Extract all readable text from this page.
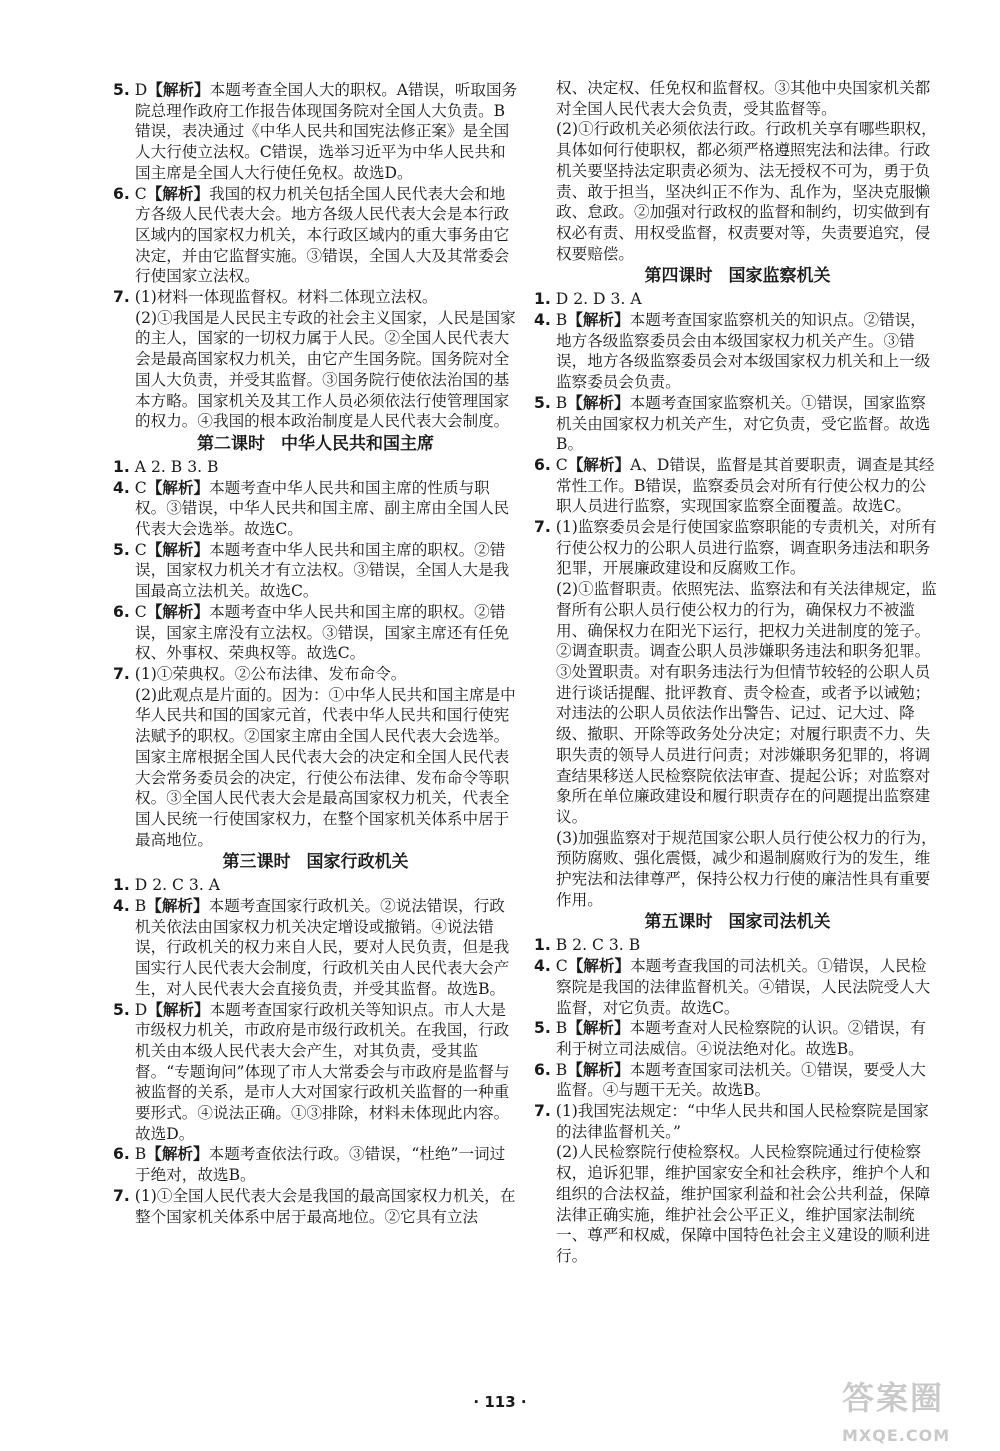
5. D【解析】本题考查全国人大的职权。A错误，听取国务院总理作政府工作报告体现国务院对全国人大负责。B错误，表决通过《中华人民共和国宪法修正案》是全国人大行使立法权。C错误，选举习近平为中华人民共和国主席是全国人大行使任免权。故选D。

6. C【解析】我国的权力机关包括全国人民代表大会和地方各级人民代表大会。地方各级人民代表大会是本行政区域内的国家权力机关，本行政区域内的重大事务由它决定，并由它监督实施。③错误，全国人大及其常委会行使国家立法权。

7. (1)材料一体现监督权。材料二体现立法权。

(2)①我国是人民民主专政的社会主义国家，人民是国家的主人，国家的一切权力属于人民。②全国人民代表大会是最高国家权力机关，由它产生国务院。国务院对全国人大负责，并受其监督。③国务院行使依法治国的基本方略。国家机关及其工作人员必须依法行使管理国家的权力。④我国的根本政治制度是人民代表大会制度。

第二课时 中华人民共和国主席

1. A 2. B 3. B

4. C【解析】本题考查中华人民共和国主席的性质与职权。③错误，中华人民共和国主席、副主席由全国人民代表大会选举。故选C。

5. C【解析】本题考查中华人民共和国主席的职权。②错误，国家权力机关才有立法权。③错误，全国人大是我国最高立法机关。故选C。

6. C【解析】本题考查中华人民共和国主席的职权。②错误，国家主席没有立法权。③错误，国家主席还有任免权、外事权、荣典权等。故选C。

7. (1)①荣典权。②公布法律、发布命令。

(2)此观点是片面的。因为：①中华人民共和国主席是中华人民共和国的国家元首，代表中华人民共和国行使宪法赋予的职权。②国家主席由全国人民代表大会选举。国家主席根据全国人民代表大会的决定和全国人民代表大会常务委员会的决定，行使公布法律、发布命令等职权。③全国人民代表大会是最高国家权力机关，代表全国人民统一行使国家权力，在整个国家机关体系中居于最高地位。

第三课时 国家行政机关

1. D 2. C 3. A

4. B【解析】本题考查国家行政机关。②说法错误，行政机关依法由国家权力机关决定增设或撤销。④说法错误，行政机关的权力来自人民，要对人民负责，但是我国实行人民代表大会制度，行政机关由人民代表大会产生，对人民代表大会直接负责，并受其监督。故选B。

5. D【解析】本题考查国家行政机关等知识点。市人大是市级权力机关，市政府是市级行政机关。在我国，行政机关由本级人民代表大会产生，对其负责，受其监督。“专题询问”体现了市人大常委会与市政府是监督与被监督的关系，是市人大对国家行政机关监督的一种重要形式。④说法正确。①③排除，材料未体现此内容。故选D。

6. B【解析】本题考查依法行政。③错误，“杜绝”一词过于绝对，故选B。

7. (1)①全国人民代表大会是我国的最高国家权力机关，在整个国家机关体系中居于最高地位。②它具有立法

权、决定权、任免权和监督权。③其他中央国家机关都对全国人民代表大会负责，受其监督等。

(2)①行政机关必须依法行政。行政机关享有哪些职权，具体如何行使职权，都必须严格遵照宪法和法律。行政机关要坚持法定职责必须为、法无授权不可为，勇于负责、敢于担当，坚决纠正不作为、乱作为，坚决克服懒政、怠政。②加强对行政权的监督和制约，切实做到有权必有责、用权受监督，权责要对等，失责要追究，侵权要赔偿。

第四课时 国家监察机关

1. D 2. D 3. A

4. B【解析】本题考查国家监察机关的知识点。②错误，地方各级监察委员会由本级国家权力机关产生。③错误，地方各级监察委员会对本级国家权力机关和上一级监察委员会负责。

5. B【解析】本题考查国家监察机关。①错误，国家监察机关由国家权力机关产生，对它负责，受它监督。故选B。

6. C【解析】A、D错误，监督是其首要职责，调查是其经常性工作。B错误，监察委员会对所有行使公权力的公职人员进行监察，实现国家监察全面覆盖。故选C。

7. (1)监察委员会是行使国家监察职能的专责机关，对所有行使公权力的公职人员进行监察，调查职务违法和职务犯罪，开展廉政建设和反腐败工作。

(2)①监督职责。依照宪法、监察法和有关法律规定，监督所有公职人员行使公权力的行为，确保权力不被滥用、确保权力在阳光下运行，把权力关进制度的笼子。②调查职责。调查公职人员涉嫌职务违法和职务犯罪。③处置职责。对有职务违法行为但情节较轻的公职人员进行谈话提醒、批评教育、责令检查，或者予以诫勉；对违法的公职人员依法作出警告、记过、记大过、降级、撤职、开除等政务处分决定；对履行职责不力、失职失责的领导人员进行问责；对涉嫌职务犯罪的，将调查结果移送人民检察院依法审查、提起公诉；对监察对象所在单位廉政建设和履行职责存在的问题提出监察建议。

(3)加强监察对于规范国家公职人员行使公权力的行为，预防腐败、强化震慑，减少和遏制腐败行为的发生，维护宪法和法律尊严，保持公权力行使的廉洁性具有重要作用。

第五课时 国家司法机关

1. B 2. C 3. B

4. C【解析】本题考查我国的司法机关。①错误，人民检察院是我国的法律监督机关。④错误，人民法院受人大监督，对它负责。故选C。

5. B【解析】本题考查对人民检察院的认识。②错误，有利于树立司法威信。④说法绝对化。故选B。

6. B【解析】本题考查国家司法机关。①错误，要受人大监督。④与题干无关。故选B。

7. (1)我国宪法规定：“中华人民共和国人民检察院是国家的法律监督机关。”

(2)人民检察院行使检察权。人民检察院通过行使检察权，追诉犯罪，维护国家安全和社会秩序，维护个人和组织的合法权益，维护国家利益和社会公共利益，保障法律正确实施，维护社会公平正义，维护国家法制统一、尊严和权威，保障中国特色社会主义建设的顺利进行。

· 113 ·	答案圈
MXQE.COM
